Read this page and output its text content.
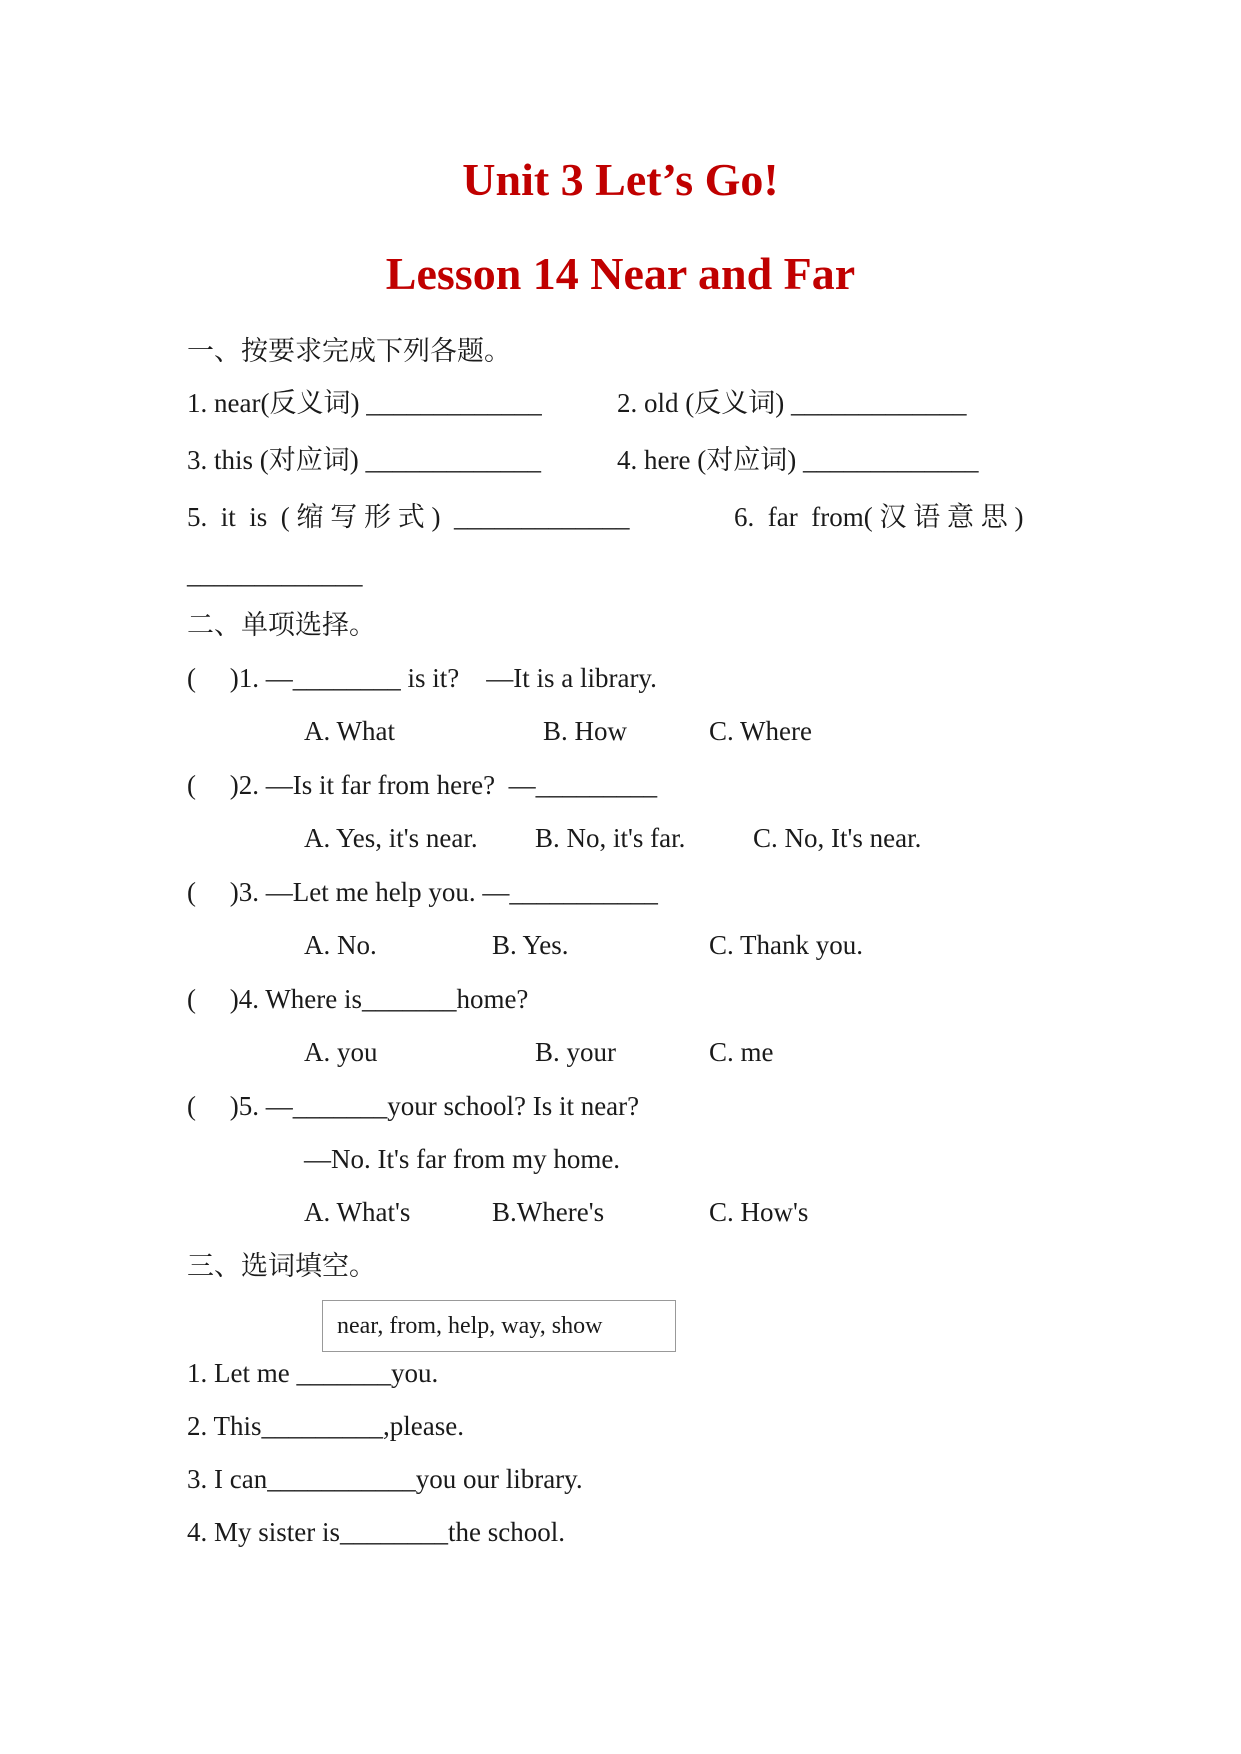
Unit 3 Let’s Go!
Lesson 14 Near and Far
一、按要求完成下列各题。
1. near(反义词) _____________	2. old (反义词) _____________
3. this (对应词) _____________	4. here (对应词) _____________
5.  it  is  ( 缩 写 形 式 )  _____________	6.  far  from( 汉 语 意 思 )
_____________
二、单项选择。
(     )1. —________ is it?    —It is a library.
A. What	B. How	C. Where
(     )2. —Is it far from here?  —_________
A. Yes, it's near. B. No, it's far.	C. No, It's near.
(     )3. —Let me help you. —___________
A. No.	B. Yes.	C. Thank you.
(     )4. Where is_______home?
A. you	B. your	C. me
(     )5. —_______your school? Is it near?
—No. It's far from my home.
A. What's	B.Where's	C. How's
三、选词填空。
near, from, help, way, show
1. Let me _______you.
2. This_________,please.
3. I can___________you our library.
4. My sister is________the school.
